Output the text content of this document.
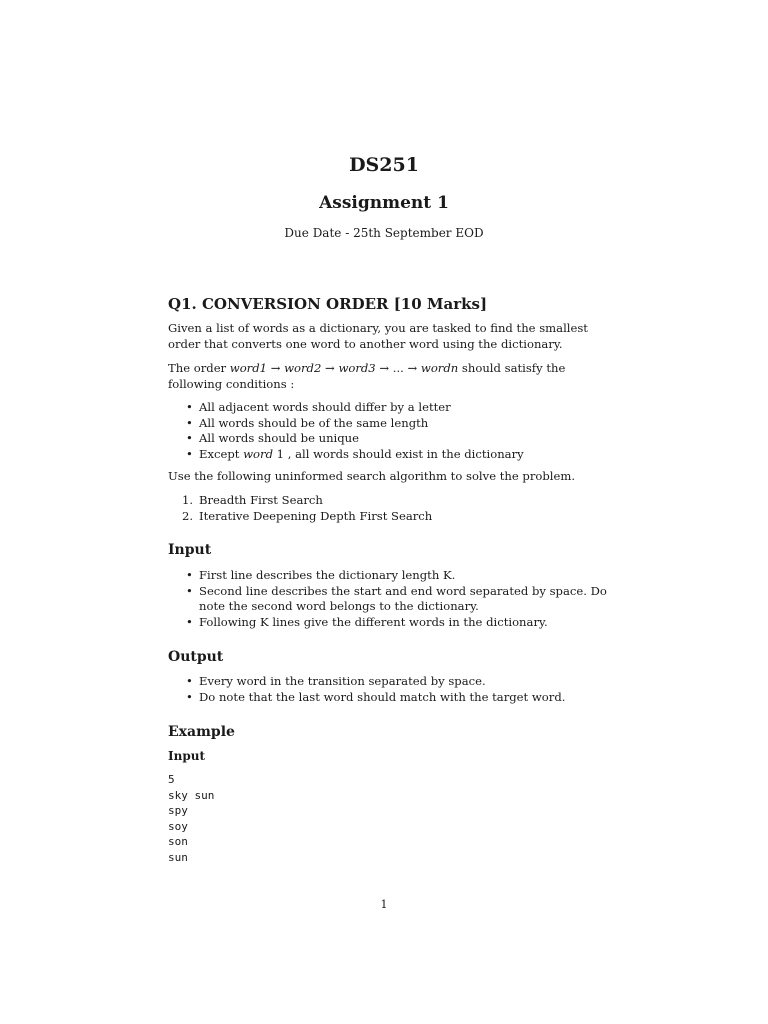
DS251
Assignment 1
Due Date - 25th September EOD
Q1. CONVERSION ORDER [10 Marks]
Given a list of words as a dictionary, you are tasked to find the smallest order that converts one word to another word using the dictionary.
The order word1 → word2 → word3 → ... → wordn should satisfy the following conditions :
• All adjacent words should differ by a letter
• All words should be of the same length
• All words should be unique
• Except word 1 , all words should exist in the dictionary
Use the following uninformed search algorithm to solve the problem.
1. Breadth First Search
2. Iterative Deepening Depth First Search
Input
• First line describes the dictionary length K.
• Second line describes the start and end word separated by space. Do note the second word belongs to the dictionary.
• Following K lines give the different words in the dictionary.
Output
• Every word in the transition separated by space.
• Do note that the last word should match with the target word.
Example
Input
5
sky sun
spy
soy
son
sun
1
